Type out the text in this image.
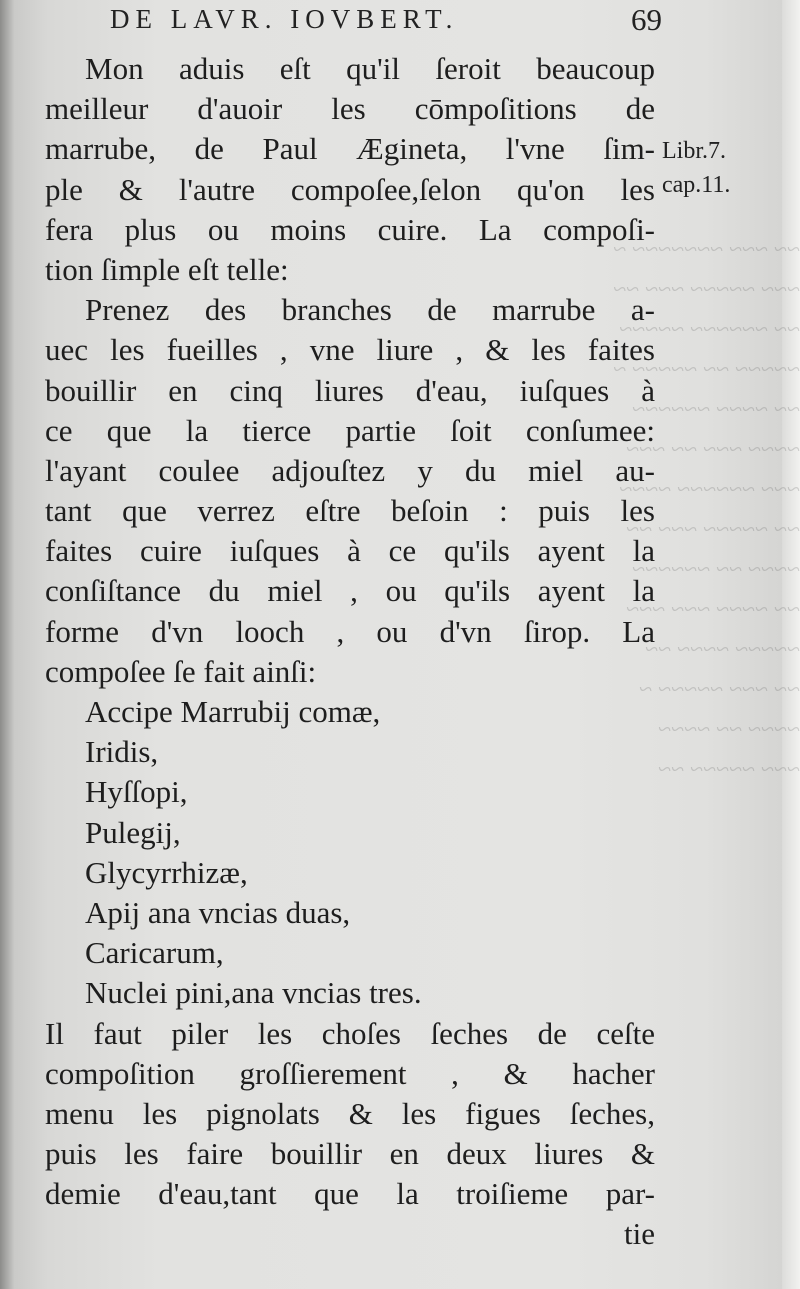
~~ ~~~ ~~~~~~~ ~
~~~ ~~~~~ ~~~ ~~
~~ ~~~~~~ ~~~~~
~~~~~ ~~ ~~~~~ ~
~~ ~~~~ ~~~~~~
~~~~ ~~~ ~~ ~~~
~~~ ~~~~~~ ~~~~
~~ ~~~~~ ~~~ ~~
~~~~ ~~ ~~~~~~
~~ ~~~~ ~~~ ~~~
~~~~~ ~~~~ ~~
~~ ~~~ ~~~~~ ~
~~~~ ~~ ~~~~
~~~ ~~~~~ ~~
DE LAVR. IOVBERT.	69
Libr.7.
cap.11.
Mon aduis eſt qu'il ſeroit beaucoup
meilleur d'auoir les cōmpoſitions de
marrube, de Paul Ægineta, l'vne ſim-
ple & l'autre compoſee,ſelon qu'on les
fera plus ou moins cuire. La compoſi-
tion ſimple eſt telle:
Prenez des branches de marrube a-
uec les fueilles , vne liure , & les faites
bouillir en cinq liures d'eau, iuſques à
ce que la tierce partie ſoit conſumee:
l'ayant coulee adjouſtez y du miel au-
tant que verrez eſtre beſoin : puis les
faites cuire iuſques à ce qu'ils ayent la
conſiſtance du miel , ou qu'ils ayent la
forme d'vn looch , ou d'vn ſirop. La
compoſee ſe fait ainſi:
Accipe Marrubij comæ,
Iridis,
Hyſſopi,
Pulegij,
Glycyrrhizæ,
Apij ana vncias duas,
Caricarum,
Nuclei pini,ana vncias tres.
Il faut piler les choſes ſeches de ceſte
compoſition groſſierement , & hacher
menu les pignolats & les figues ſeches,
puis les faire bouillir en deux liures &
demie d'eau,tant que la troiſieme par-
tie
